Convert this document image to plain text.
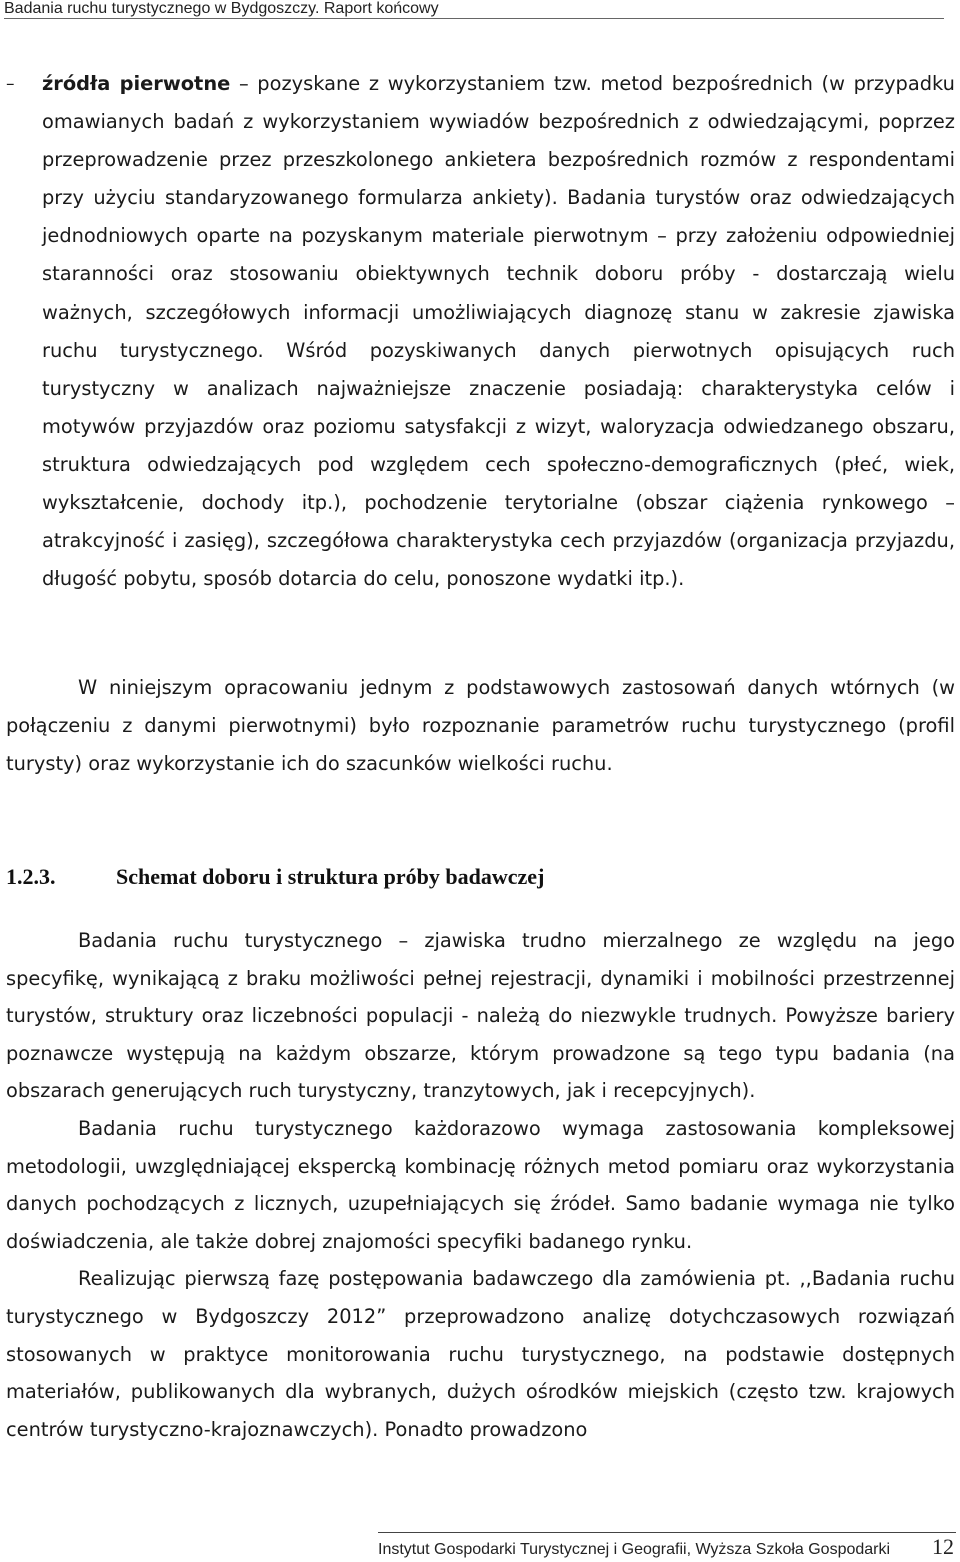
Badania ruchu turystycznego w Bydgoszczy. Raport końcowy
– źródła pierwotne – pozyskane z wykorzystaniem tzw. metod bezpośrednich (w przypadku omawianych badań z wykorzystaniem wywiadów bezpośrednich z odwiedzającymi, poprzez przeprowadzenie przez przeszkolonego ankietera bezpośrednich rozmów z respondentami przy użyciu standaryzowanego formularza ankiety). Badania turystów oraz odwiedzających jednodniowych oparte na pozyskanym materiale pierwotnym – przy założeniu odpowiedniej staranności oraz stosowaniu obiektywnych technik doboru próby - dostarczają wielu ważnych, szczegółowych informacji umożliwiających diagnozę stanu w zakresie zjawiska ruchu turystycznego. Wśród pozyskiwanych danych pierwotnych opisujących ruch turystyczny w analizach najważniejsze znaczenie posiadają: charakterystyka celów i motywów przyjazdów oraz poziomu satysfakcji z wizyt, waloryzacja odwiedzanego obszaru, struktura odwiedzających pod względem cech społeczno-demograficznych (płeć, wiek, wykształcenie, dochody itp.), pochodzenie terytorialne (obszar ciążenia rynkowego – atrakcyjność i zasięg), szczegółowa charakterystyka cech przyjazdów (organizacja przyjazdu, długość pobytu, sposób dotarcia do celu, ponoszone wydatki itp.).

W niniejszym opracowaniu jednym z podstawowych zastosowań danych wtórnych (w połączeniu z danymi pierwotnymi) było rozpoznanie parametrów ruchu turystycznego (profil turysty) oraz wykorzystanie ich do szacunków wielkości ruchu.

1.2.3.	Schemat doboru i struktura próby badawczej

Badania ruchu turystycznego – zjawiska trudno mierzalnego ze względu na jego specyfikę, wynikającą z braku możliwości pełnej rejestracji, dynamiki i mobilności przestrzennej turystów, struktury oraz liczebności populacji - należą do niezwykle trudnych. Powyższe bariery poznawcze występują na każdym obszarze, którym prowadzone są tego typu badania (na obszarach generujących ruch turystyczny, tranzytowych, jak i recepcyjnych).

Badania ruchu turystycznego każdorazowo wymaga zastosowania kompleksowej metodologii, uwzględniającej ekspercką kombinację różnych metod pomiaru oraz wykorzystania danych pochodzących z licznych, uzupełniających się źródeł. Samo badanie wymaga nie tylko doświadczenia, ale także dobrej znajomości specyfiki badanego rynku.

Realizując pierwszą fazę postępowania badawczego dla zamówienia pt. ,,Badania ruchu turystycznego w Bydgoszczy 2012” przeprowadzono analizę dotychczasowych rozwiązań stosowanych w praktyce monitorowania ruchu turystycznego, na podstawie dostępnych materiałów, publikowanych dla wybranych, dużych ośrodków miejskich (często tzw. krajowych centrów turystyczno-krajoznawczych). Ponadto prowadzono

Instytut Gospodarki Turystycznej i Geografii, Wyższa Szkoła Gospodarki 12
